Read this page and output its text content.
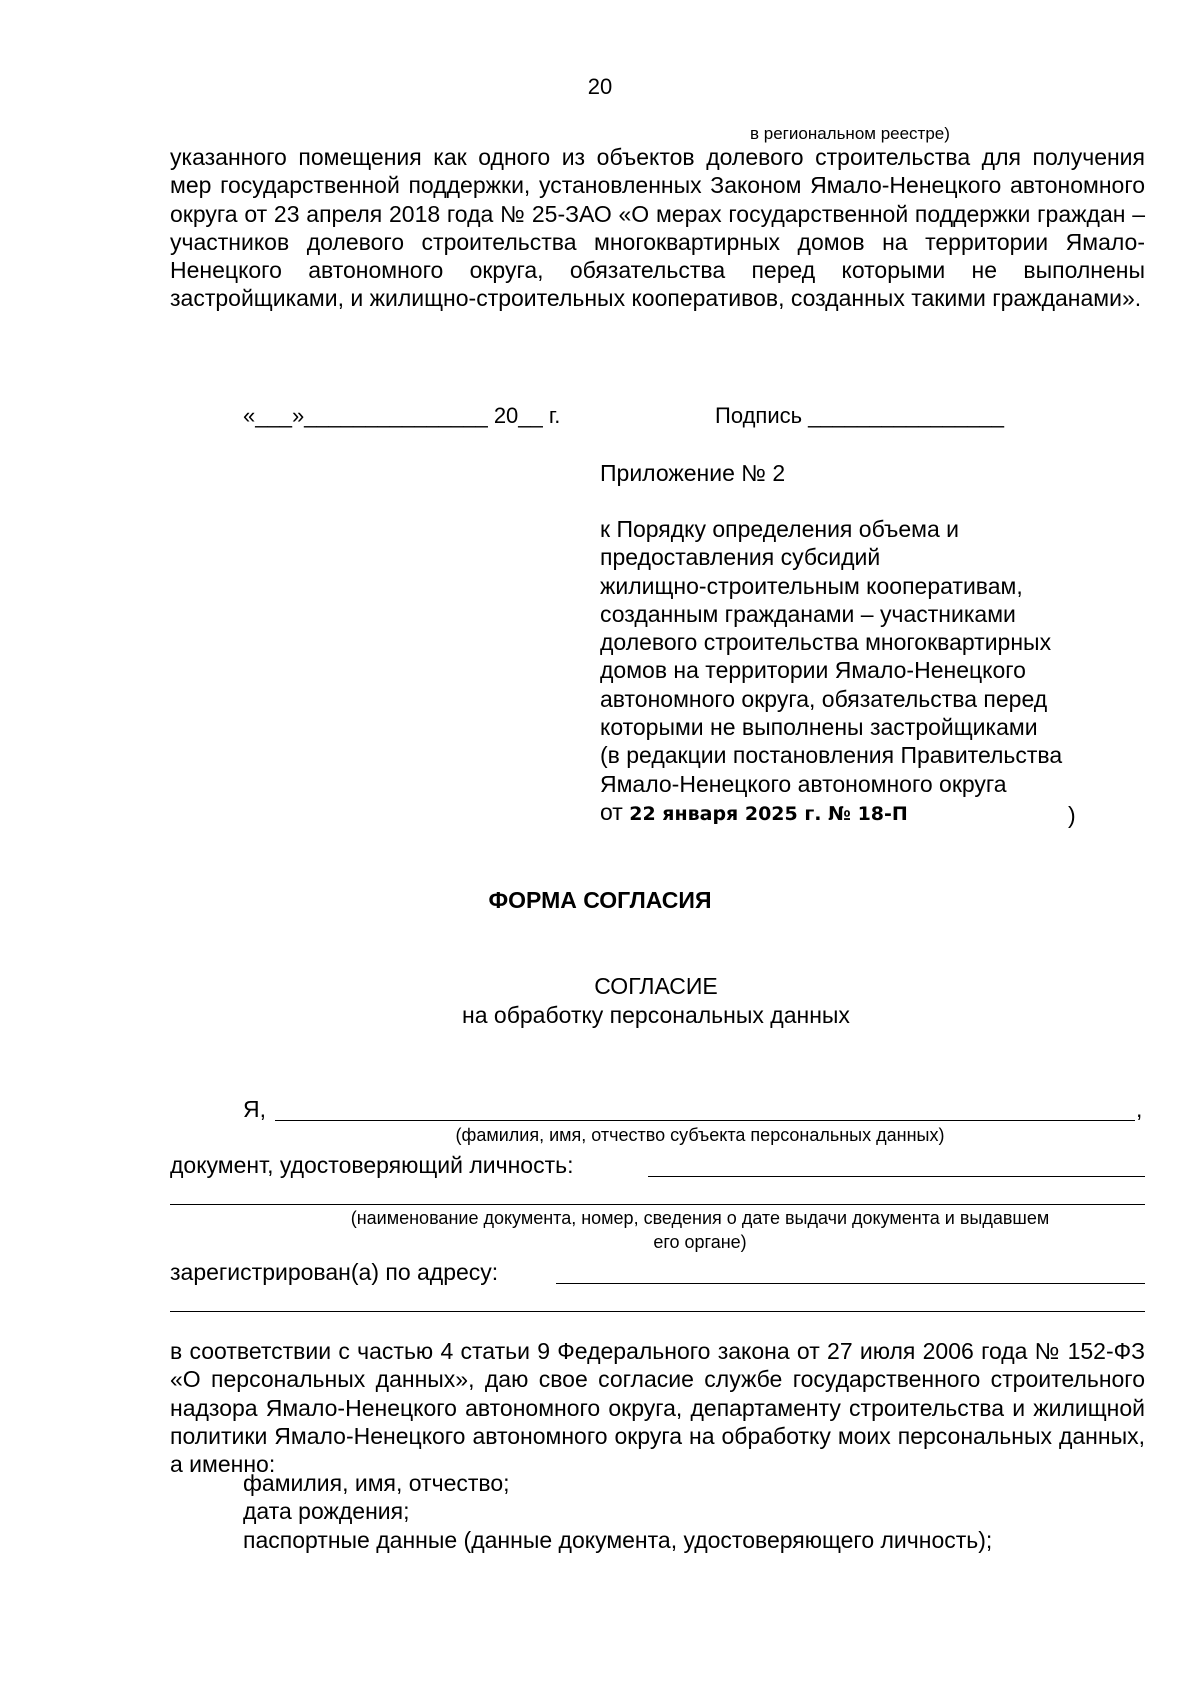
20
в региональном реестре)
указанного помещения как одного из объектов долевого строительства для получения мер государственной поддержки, установленных Законом Ямало-Ненецкого автономного округа от 23 апреля 2018 года № 25-ЗАО «О мерах государственной поддержки граждан – участников долевого строительства многоквартирных домов на территории Ямало-Ненецкого автономного округа, обязательства перед которыми не выполнены застройщиками, и жилищно-строительных кооперативов, созданных такими гражданами».
«___»_______________ 20__ г.	Подпись ________________
Приложение № 2
к Порядку определения объема и
предоставления субсидий
жилищно-строительным кооперативам,
созданным гражданами – участниками
долевого строительства многоквартирных
домов на территории Ямало-Ненецкого
автономного округа, обязательства перед
которыми не выполнены застройщиками
(в редакции постановления Правительства
Ямало-Ненецкого автономного округа
от 22 января 2025 г. № 18-П	)
ФОРМА СОГЛАСИЯ
СОГЛАСИЕ
на обработку персональных данных
Я,	,
(фамилия, имя, отчество субъекта персональных данных)
документ, удостоверяющий личность:
(наименование документа, номер, сведения о дате выдачи документа и выдавшем
его органе)
зарегистрирован(а) по адресу:
в соответствии с частью 4 статьи 9 Федерального закона от 27 июля 2006 года № 152-ФЗ «О персональных данных», даю свое согласие службе государственного строительного надзора Ямало-Ненецкого автономного округа, департаменту строительства и жилищной политики Ямало-Ненецкого автономного округа на обработку моих персональных данных, а именно:
фамилия, имя, отчество;
дата рождения;
паспортные данные (данные документа, удостоверяющего личность);
